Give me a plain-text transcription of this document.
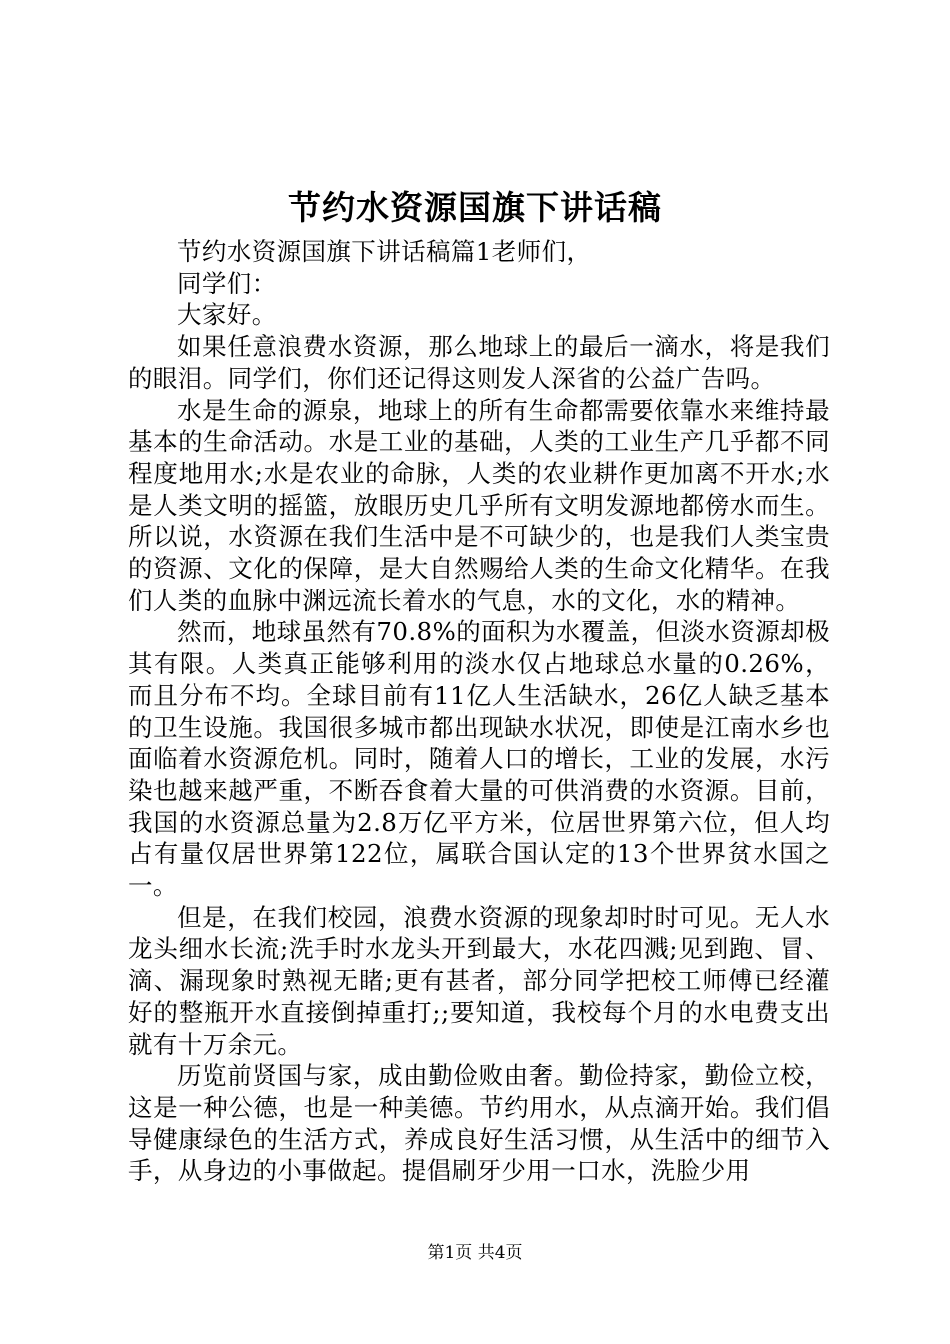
节约水资源国旗下讲话稿

节约水资源国旗下讲话稿篇1老师们，

同学们：

大家好。

如果任意浪费水资源，那么地球上的最后一滴水，将是我们的眼泪。同学们，你们还记得这则发人深省的公益广告吗。

水是生命的源泉，地球上的所有生命都需要依靠水来维持最基本的生命活动。水是工业的基础，人类的工业生产几乎都不同程度地用水;水是农业的命脉，人类的农业耕作更加离不开水;水是人类文明的摇篮，放眼历史几乎所有文明发源地都傍水而生。所以说，水资源在我们生活中是不可缺少的，也是我们人类宝贵的资源、文化的保障，是大自然赐给人类的生命文化精华。在我们人类的血脉中渊远流长着水的气息，水的文化，水的精神。

然而，地球虽然有70.8%的面积为水覆盖，但淡水资源却极其有限。人类真正能够利用的淡水仅占地球总水量的0.26%，而且分布不均。全球目前有11亿人生活缺水，26亿人缺乏基本的卫生设施。我国很多城市都出现缺水状况，即使是江南水乡也面临着水资源危机。同时，随着人口的增长，工业的发展，水污染也越来越严重，不断吞食着大量的可供消费的水资源。目前，我国的水资源总量为2.8万亿平方米，位居世界第六位，但人均占有量仅居世界第122位，属联合国认定的13个世界贫水国之一。

但是，在我们校园，浪费水资源的现象却时时可见。无人水龙头细水长流;洗手时水龙头开到最大，水花四溅;见到跑、冒、滴、漏现象时熟视无睹;更有甚者，部分同学把校工师傅已经灌好的整瓶开水直接倒掉重打;;要知道，我校每个月的水电费支出就有十万余元。

历览前贤国与家，成由勤俭败由奢。勤俭持家，勤俭立校，这是一种公德，也是一种美德。节约用水，从点滴开始。我们倡导健康绿色的生活方式，养成良好生活习惯，从生活中的细节入手，从身边的小事做起。提倡刷牙少用一口水，洗脸少用

第1页 共4页
